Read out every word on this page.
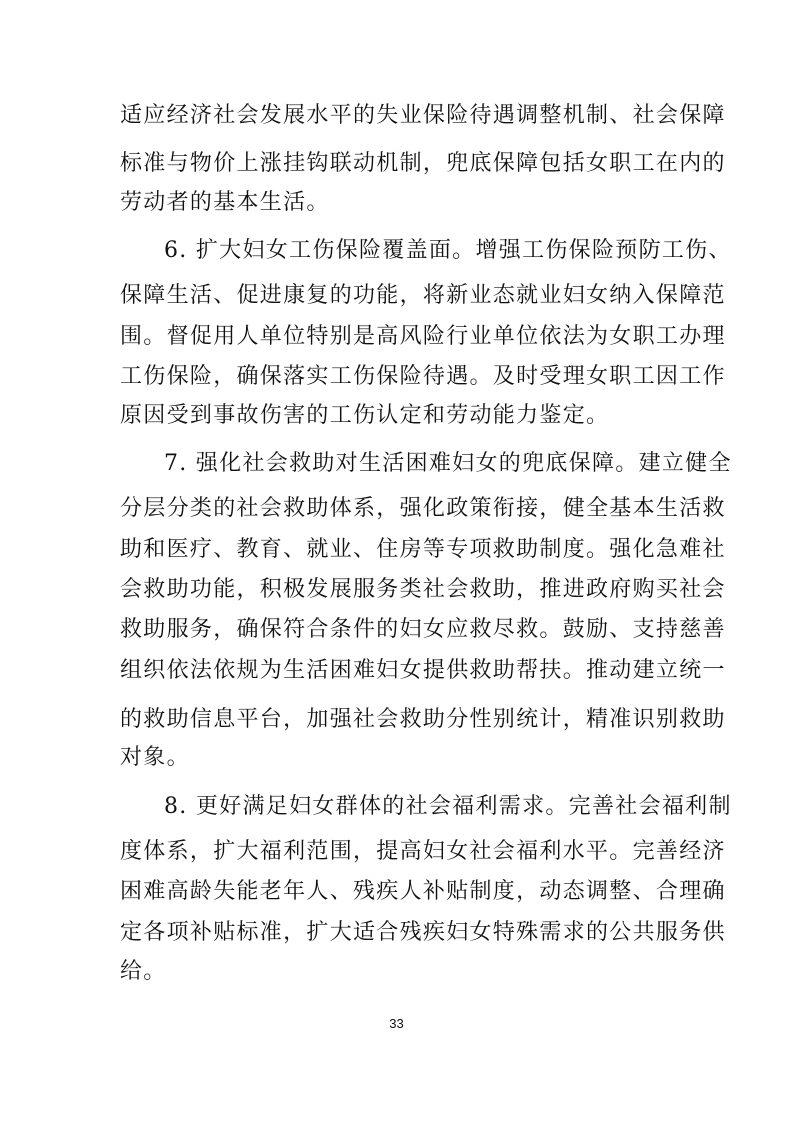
适应经济社会发展水平的失业保险待遇调整机制、社会保障
标准与物价上涨挂钩联动机制，兜底保障包括女职工在内的
劳动者的基本生活。
6. 扩大妇女工伤保险覆盖面。增强工伤保险预防工伤、
保障生活、促进康复的功能，将新业态就业妇女纳入保障范
围。督促用人单位特别是高风险行业单位依法为女职工办理
工伤保险，确保落实工伤保险待遇。及时受理女职工因工作
原因受到事故伤害的工伤认定和劳动能力鉴定。
7. 强化社会救助对生活困难妇女的兜底保障。建立健全
分层分类的社会救助体系，强化政策衔接，健全基本生活救
助和医疗、教育、就业、住房等专项救助制度。强化急难社
会救助功能，积极发展服务类社会救助，推进政府购买社会
救助服务，确保符合条件的妇女应救尽救。鼓励、支持慈善
组织依法依规为生活困难妇女提供救助帮扶。推动建立统一
的救助信息平台，加强社会救助分性别统计，精准识别救助
对象。
8. 更好满足妇女群体的社会福利需求。完善社会福利制
度体系，扩大福利范围，提高妇女社会福利水平。完善经济
困难高龄失能老年人、残疾人补贴制度，动态调整、合理确
定各项补贴标准，扩大适合残疾妇女特殊需求的公共服务供
给。
33
